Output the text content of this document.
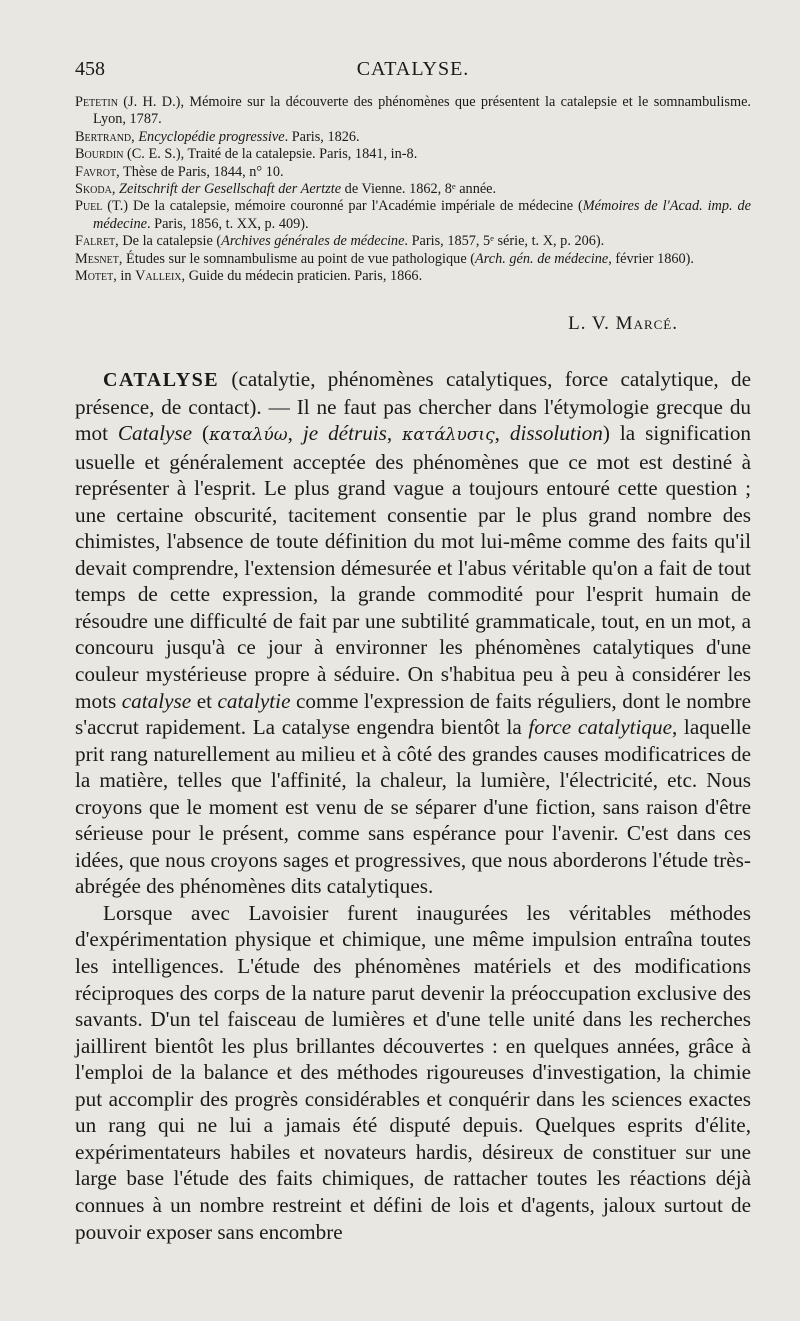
458	CATALYSE.

Petetin (J. H. D.), Mémoire sur la découverte des phénomènes que présentent la catalepsie et le somnambulisme. Lyon, 1787.

Bertrand, Encyclopédie progressive. Paris, 1826.

Bourdin (C. E. S.), Traité de la catalepsie. Paris, 1841, in-8.

Favrot, Thèse de Paris, 1844, n° 10.

Skoda, Zeitschrift der Gesellschaft der Aertzte de Vienne. 1862, 8ᵉ année.

Puel (T.) De la catalepsie, mémoire couronné par l'Académie impériale de médecine (Mémoires de l'Acad. imp. de médecine. Paris, 1856, t. XX, p. 409).

Falret, De la catalepsie (Archives générales de médecine. Paris, 1857, 5ᵉ série, t. X, p. 206).

Mesnet, Études sur le somnambulisme au point de vue pathologique (Arch. gén. de médecine, février 1860).

Motet, in Valleix, Guide du médecin praticien. Paris, 1866.

L. V. Marcé.

CATALYSE (catalytie, phénomènes catalytiques, force catalytique, de présence, de contact). — Il ne faut pas chercher dans l'étymologie grecque du mot Catalyse (καταλύω, je détruis, κατάλυσις, dissolution) la signification usuelle et généralement acceptée des phénomènes que ce mot est destiné à représenter à l'esprit. Le plus grand vague a toujours entouré cette question ; une certaine obscurité, tacitement consentie par le plus grand nombre des chimistes, l'absence de toute définition du mot lui-même comme des faits qu'il devait comprendre, l'extension démesurée et l'abus véritable qu'on a fait de tout temps de cette expression, la grande commodité pour l'esprit humain de résoudre une difficulté de fait par une subtilité grammaticale, tout, en un mot, a concouru jusqu'à ce jour à environner les phénomènes catalytiques d'une couleur mystérieuse propre à séduire. On s'habitua peu à peu à considérer les mots catalyse et catalytie comme l'expression de faits réguliers, dont le nombre s'accrut rapidement. La catalyse engendra bientôt la force catalytique, laquelle prit rang naturellement au milieu et à côté des grandes causes modificatrices de la matière, telles que l'affinité, la chaleur, la lumière, l'électricité, etc. Nous croyons que le moment est venu de se séparer d'une fiction, sans raison d'être sérieuse pour le présent, comme sans espérance pour l'avenir. C'est dans ces idées, que nous croyons sages et progressives, que nous aborderons l'étude très-abrégée des phénomènes dits catalytiques.

Lorsque avec Lavoisier furent inaugurées les véritables méthodes d'expérimentation physique et chimique, une même impulsion entraîna toutes les intelligences. L'étude des phénomènes matériels et des modifications réciproques des corps de la nature parut devenir la préoccupation exclusive des savants. D'un tel faisceau de lumières et d'une telle unité dans les recherches jaillirent bientôt les plus brillantes découvertes : en quelques années, grâce à l'emploi de la balance et des méthodes rigoureuses d'investigation, la chimie put accomplir des progrès considérables et conquérir dans les sciences exactes un rang qui ne lui a jamais été disputé depuis. Quelques esprits d'élite, expérimentateurs habiles et novateurs hardis, désireux de constituer sur une large base l'étude des faits chimiques, de rattacher toutes les réactions déjà connues à un nombre restreint et défini de lois et d'agents, jaloux surtout de pouvoir exposer sans encombre
